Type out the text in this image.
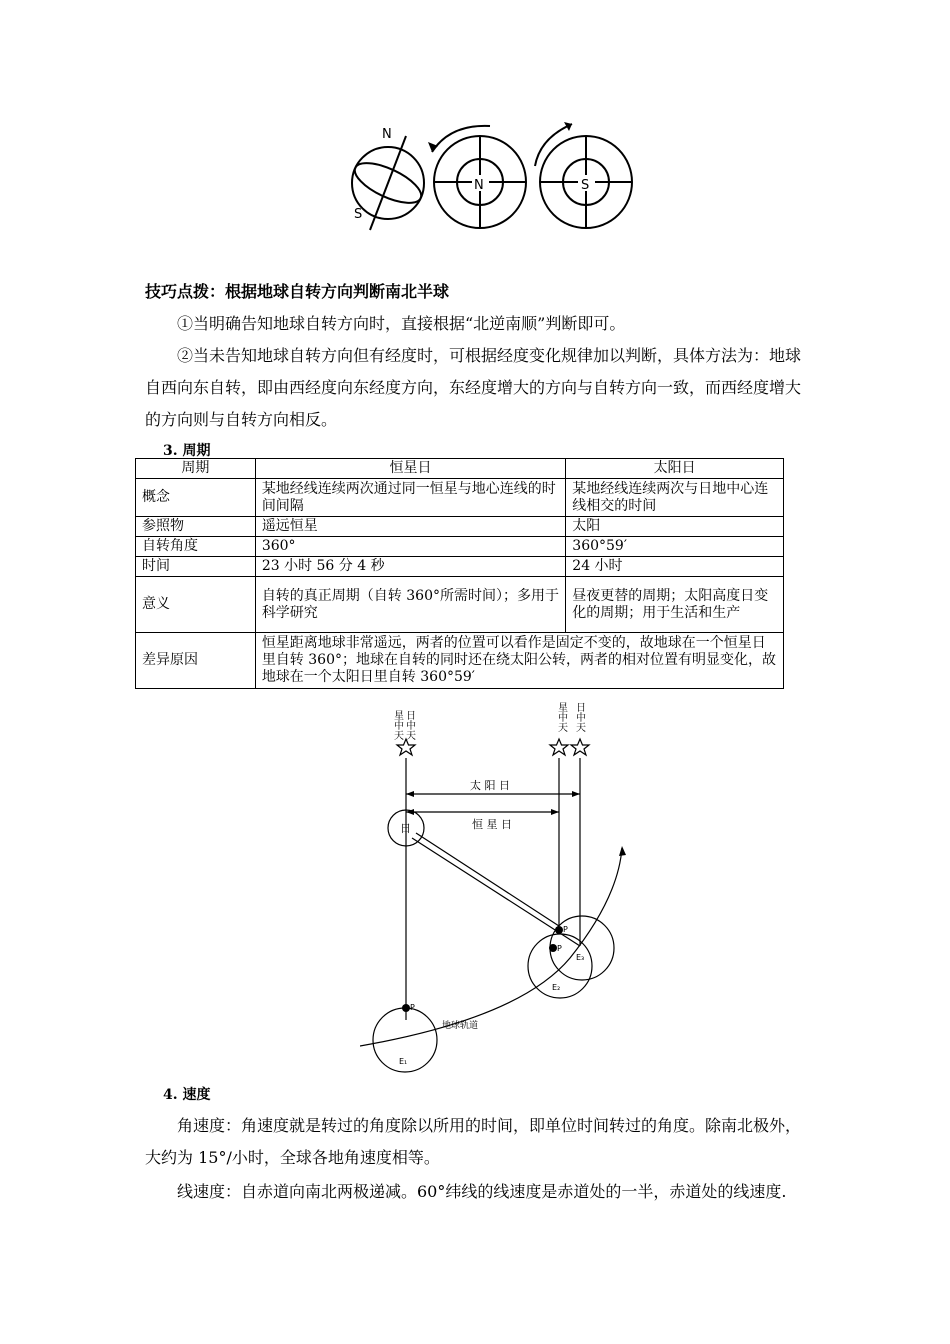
N
S
N	S
技巧点拨：根据地球自转方向判断南北半球
①当明确告知地球自转方向时，直接根据“北逆南顺”判断即可。
②当未告知地球自转方向但有经度时，可根据经度变化规律加以判断，具体方法为：地球自西向东自转，即由西经度向东经度方向，东经度增大的方向与自转方向一致，而西经度增大的方向则与自转方向相反。
3. 周期
周期	恒星日	太阳日
概念	某地经线连续两次通过同一恒星与地心连线的时间间隔	某地经线连续两次与日地中心连线相交的时间
参照物	遥远恒星	太阳
自转角度	360°	360°59′
时间	23 小时 56 分 4 秒	24 小时
意义	自转的真正周期（自转 360°所需时间）；多用于科学研究	昼夜更替的周期；太阳高度日变化的周期；用于生活和生产
差异原因	恒星距离地球非常遥远，两者的位置可以看作是固定不变的，故地球在一个恒星日里自转 360°；地球在自转的同时还在绕太阳公转，两者的相对位置有明显变化，故地球在一个太阳日里自转 360°59′	
星中天 日中天	星中天 日中天
太 阳 日
恒 星 日
日
地球轨道
P
P
P
E₁
E₂
E₃
4. 速度
角速度：角速度就是转过的角度除以所用的时间，即单位时间转过的角度。除南北极外，大约为 15°/小时，全球各地角速度相等。
线速度：自赤道向南北两极递减。60°纬线的线速度是赤道处的一半，赤道处的线速度.
